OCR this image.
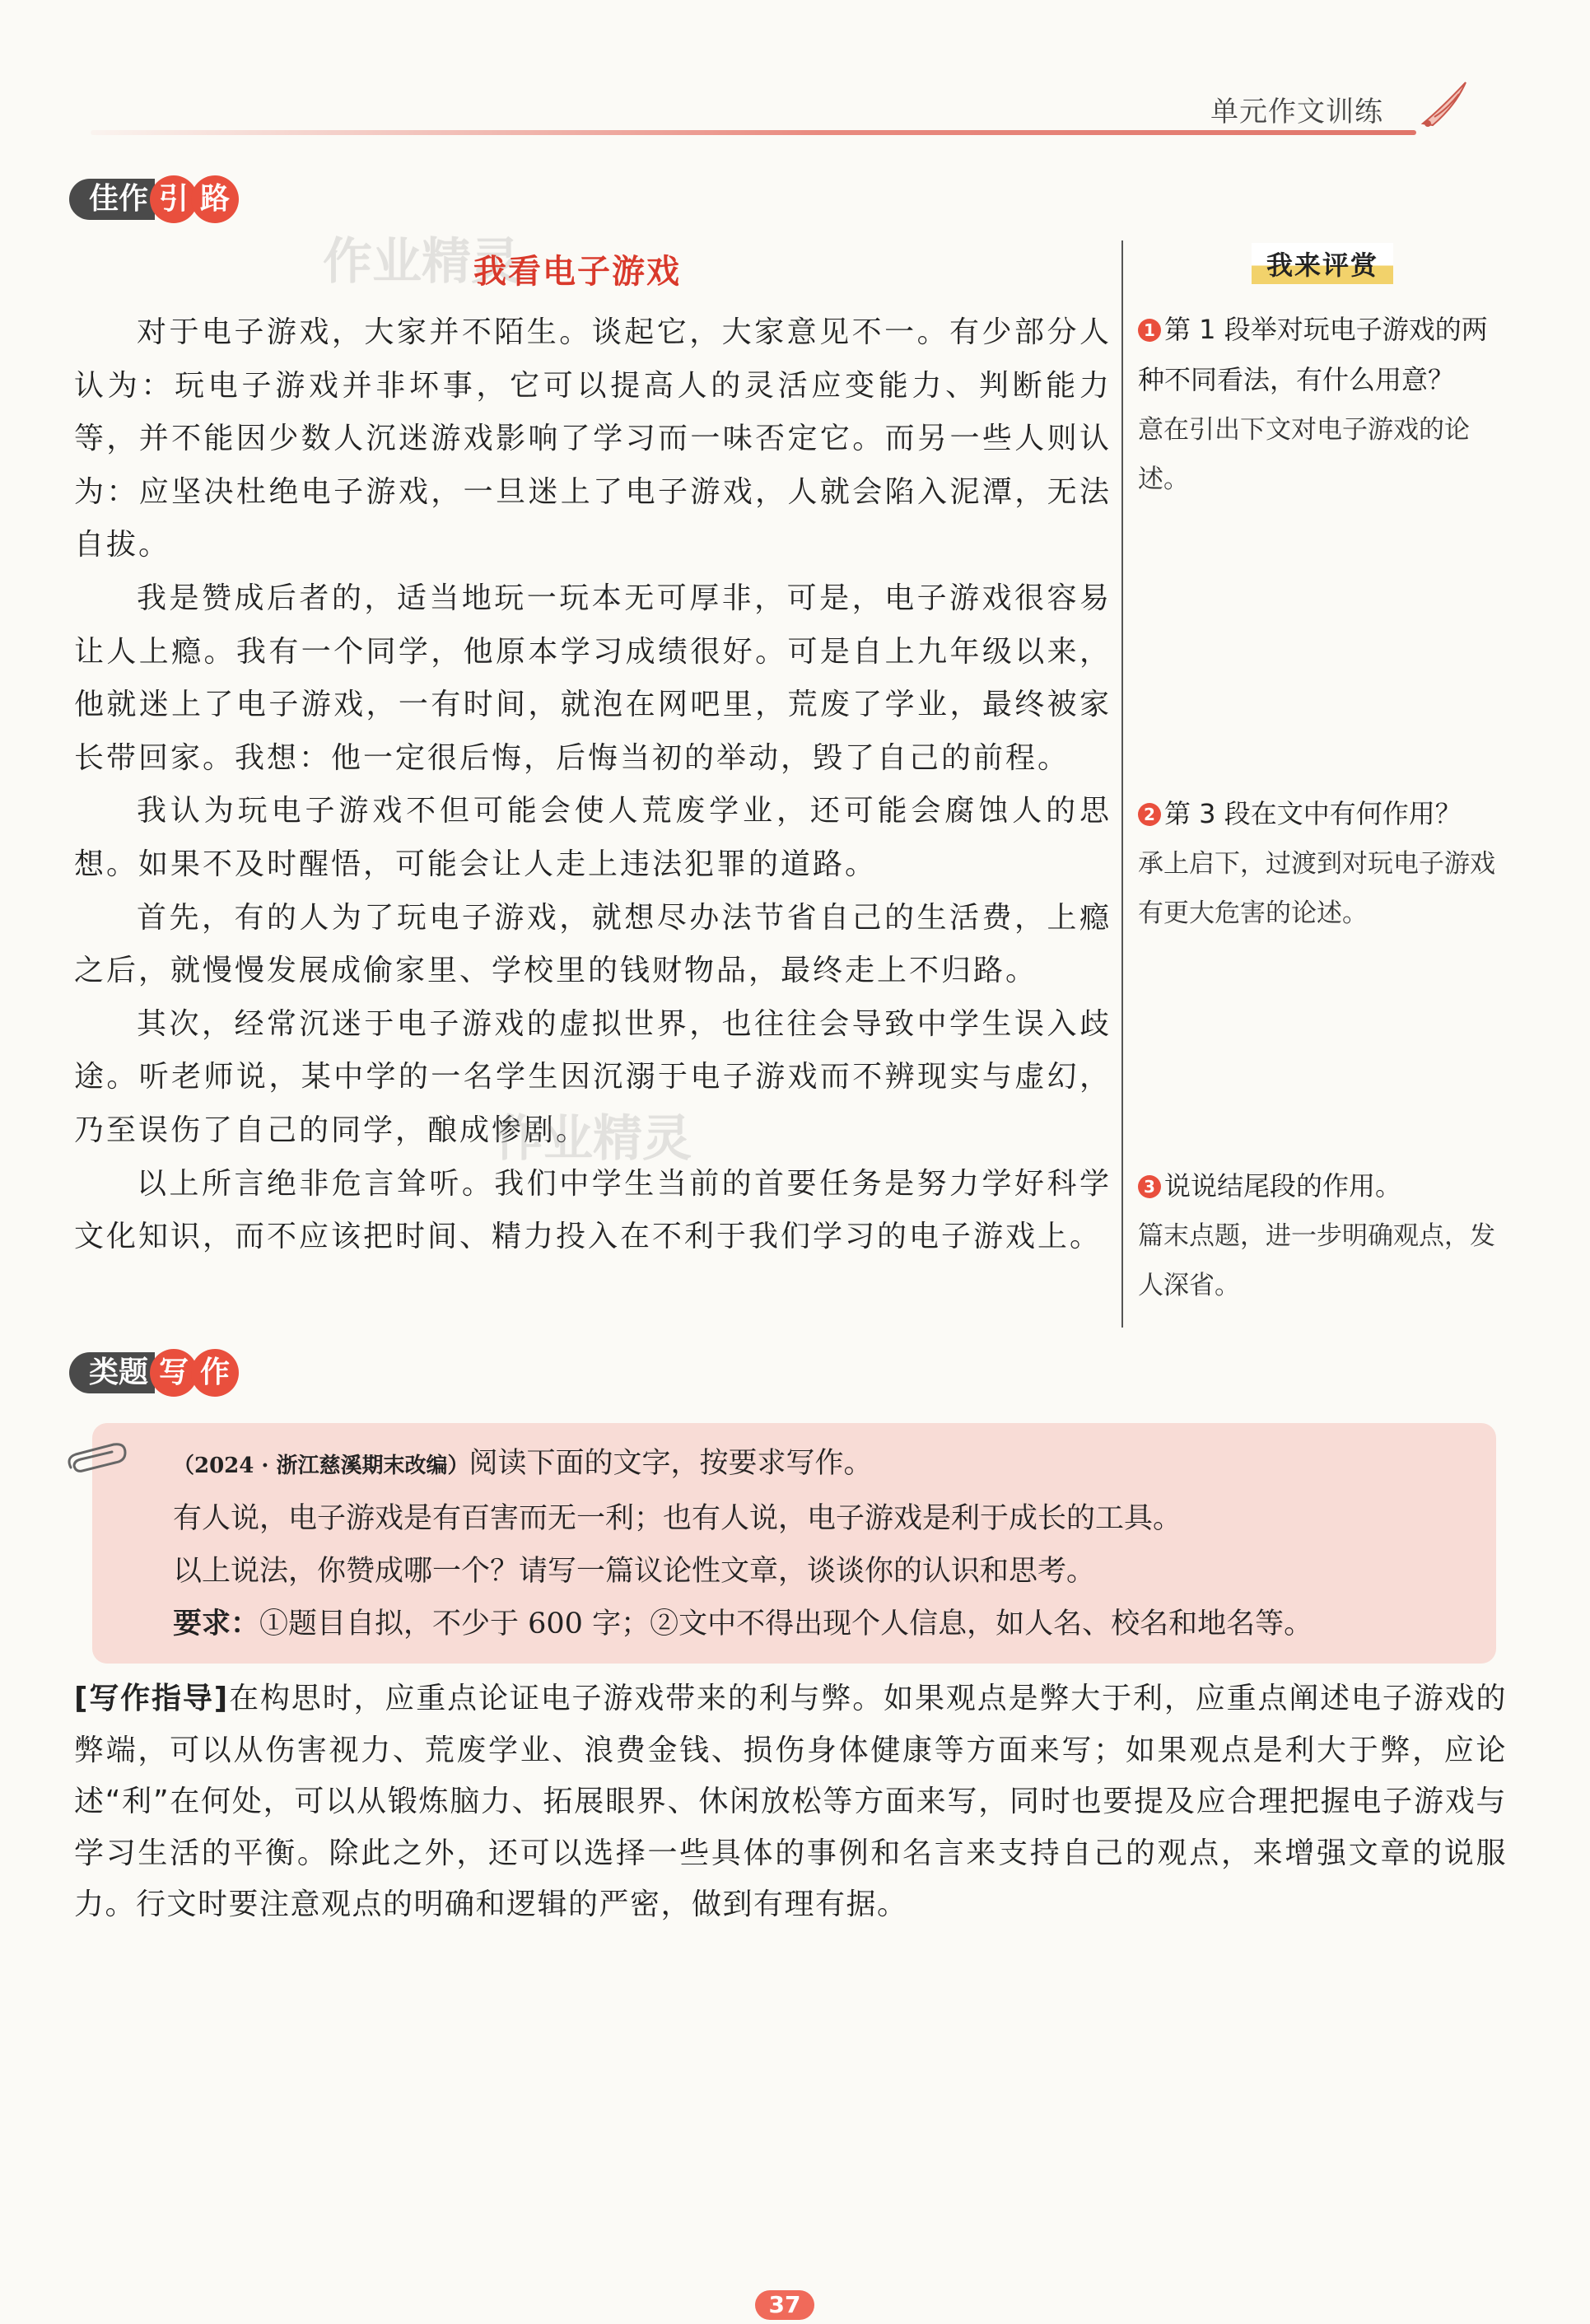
单元作文训练
佳作 引 路
作业精灵
我看电子游戏

对于电子游戏，大家并不陌生。谈起它，大家意见不一。有少部分人认为：玩电子游戏并非坏事，它可以提高人的灵活应变能力、判断能力等，并不能因少数人沉迷游戏影响了学习而一味否定它。而另一些人则认为：应坚决杜绝电子游戏，一旦迷上了电子游戏，人就会陷入泥潭，无法自拔。

我是赞成后者的，适当地玩一玩本无可厚非，可是，电子游戏很容易让人上瘾。我有一个同学，他原本学习成绩很好。可是自上九年级以来，他就迷上了电子游戏，一有时间，就泡在网吧里，荒废了学业，最终被家长带回家。我想：他一定很后悔，后悔当初的举动，毁了自己的前程。

我认为玩电子游戏不但可能会使人荒废学业，还可能会腐蚀人的思想。如果不及时醒悟，可能会让人走上违法犯罪的道路。

首先，有的人为了玩电子游戏，就想尽办法节省自己的生活费，上瘾之后，就慢慢发展成偷家里、学校里的钱财物品，最终走上不归路。

其次，经常沉迷于电子游戏的虚拟世界，也往往会导致中学生误入歧途。听老师说，某中学的一名学生因沉溺于电子游戏而不辨现实与虚幻，乃至误伤了自己的同学，酿成惨剧。

以上所言绝非危言耸听。我们中学生当前的首要任务是努力学好科学文化知识，而不应该把时间、精力投入在不利于我们学习的电子游戏上。

作业精灵
我来评赏
1 第 1 段举对玩电子游戏的两种不同看法，有什么用意？
意在引出下文对电子游戏的论述。
2 第 3 段在文中有何作用？
承上启下，过渡到对玩电子游戏有更大危害的论述。
3 说说结尾段的作用。
篇末点题，进一步明确观点，发人深省。
类题 写 作
（2024 · 浙江慈溪期末改编）阅读下面的文字，按要求写作。
有人说，电子游戏是有百害而无一利；也有人说，电子游戏是利于成长的工具。
以上说法，你赞成哪一个？请写一篇议论性文章，谈谈你的认识和思考。
要求：①题目自拟，不少于 600 字；②文中不得出现个人信息，如人名、校名和地名等。
[写作指导]在构思时，应重点论证电子游戏带来的利与弊。如果观点是弊大于利，应重点阐述电子游戏的弊端，可以从伤害视力、荒废学业、浪费金钱、损伤身体健康等方面来写；如果观点是利大于弊，应论述“利”在何处，可以从锻炼脑力、拓展眼界、休闲放松等方面来写，同时也要提及应合理把握电子游戏与学习生活的平衡。除此之外，还可以选择一些具体的事例和名言来支持自己的观点，来增强文章的说服力。行文时要注意观点的明确和逻辑的严密，做到有理有据。
37
